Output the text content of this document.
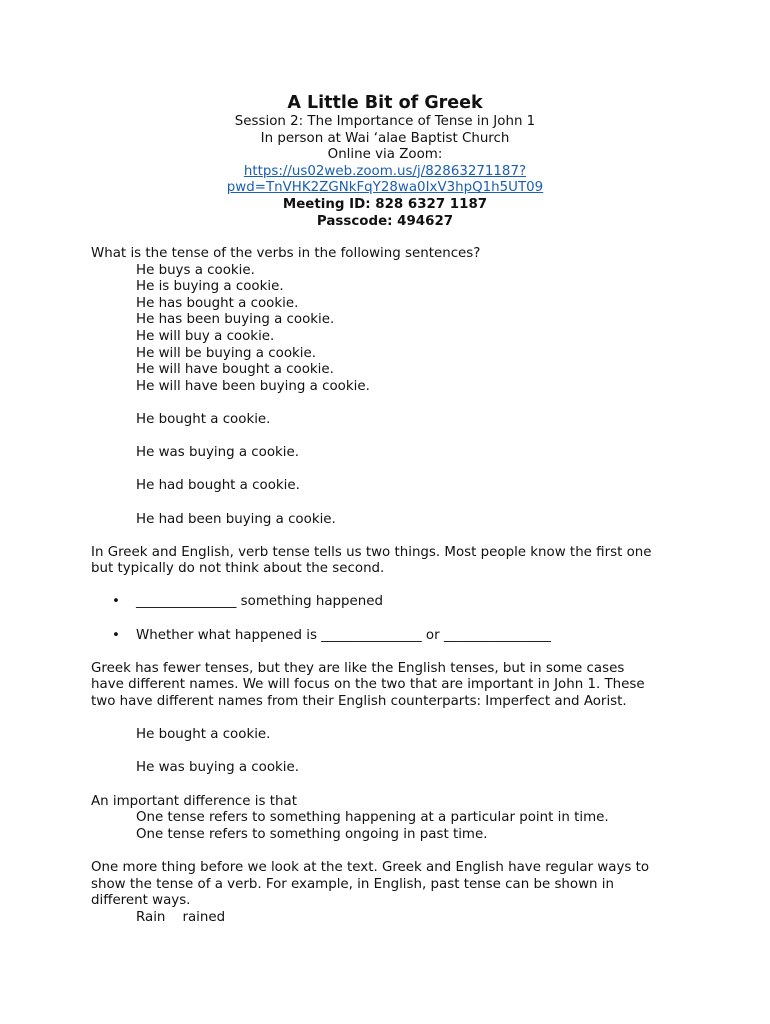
A Little Bit of Greek
Session 2: The Importance of Tense in John 1
In person at Wai ‘alae Baptist Church
Online via Zoom:
https://us02web.zoom.us/j/82863271187?
pwd=TnVHK2ZGNkFqY28wa0IxV3hpQ1h5UT09
Meeting ID: 828 6327 1187
Passcode: 494627
What is the tense of the verbs in the following sentences?
He buys a cookie.
He is buying a cookie.
He has bought a cookie.
He has been buying a cookie.
He will buy a cookie.
He will be buying a cookie.
He will have bought a cookie.
He will have been buying a cookie.
He bought a cookie.
He was buying a cookie.
He had bought a cookie.
He had been buying a cookie.
In Greek and English, verb tense tells us two things. Most people know the first one
but typically do not think about the second.
• _______________ something happened
• Whether what happened is _______________ or ________________
Greek has fewer tenses, but they are like the English tenses, but in some cases
have different names. We will focus on the two that are important in John 1. These
two have different names from their English counterparts: Imperfect and Aorist.
He bought a cookie.
He was buying a cookie.
An important difference is that
One tense refers to something happening at a particular point in time.
One tense refers to something ongoing in past time.
One more thing before we look at the text. Greek and English have regular ways to
show the tense of a verb. For example, in English, past tense can be shown in
different ways.
Rain    rained
